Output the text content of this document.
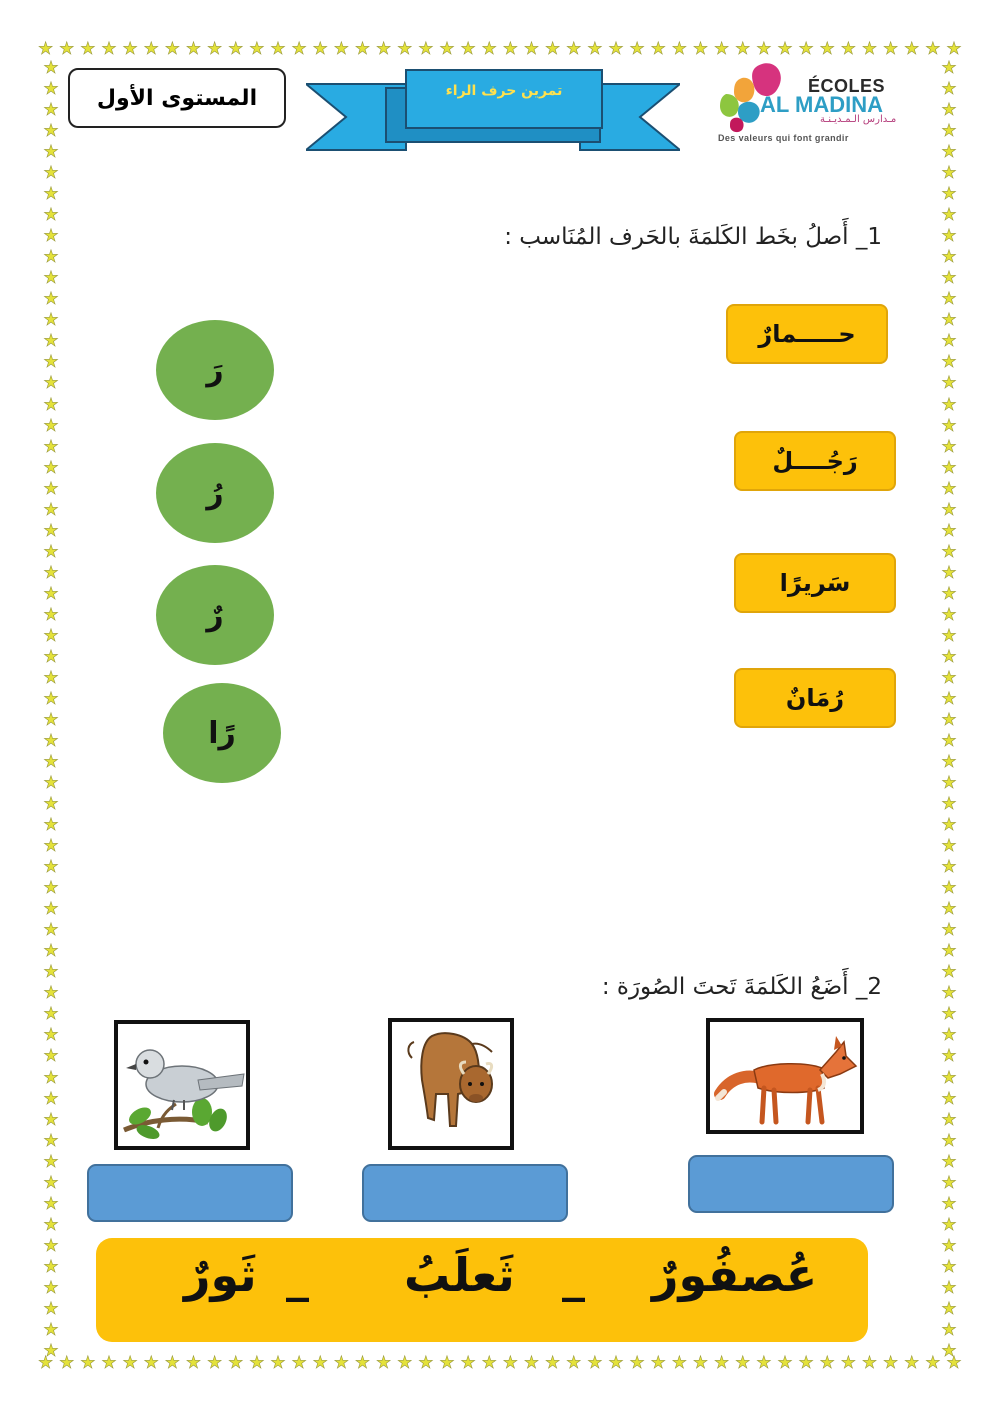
★ ★ ★ ★ ★ ★ ★ ★ ★ ★ ★ ★ ★ ★ ★ ★ ★ ★ ★ ★ ★ ★ ★ ★ ★ ★ ★ ★ ★ ★ ★ ★ ★ ★ ★ ★ ★ ★ ★ ★ ★ ★ ★ ★
★ ★ ★ ★ ★ ★ ★ ★ ★ ★ ★ ★ ★ ★ ★ ★ ★ ★ ★ ★ ★ ★ ★ ★ ★ ★ ★ ★ ★ ★ ★ ★ ★ ★ ★ ★ ★ ★ ★ ★ ★ ★ ★ ★
★
★
★
★
★
★
★
★
★
★
★
★
★
★
★
★
★
★
★
★
★
★
★
★
★
★
★
★
★
★
★
★
★
★
★
★
★
★
★
★
★
★
★
★
★
★
★
★
★
★
★
★
★
★
★
★
★
★
★
★
★
★
★
★
★
★
★
★
★
★
★
★
★
★
★
★
★
★
★
★
★
★
★
★
★
★
★
★
★
★
★
★
★
★
★
★
★
★
★
★
★
★
★
★
★
★
★
★
★
★
★
★
★
★
★
★
★
★
★
★
★
★
★
★
المستوى الأول	تمرين حرف الراء	ÉCOLES
AL MADINA
مـدارس الـمـديـنـة
Des valeurs qui font grandir
1_ أَصلُ بخَط الكَلمَةَ بالحَرف المُنَاسب :
حـــــمارٌ
رَجُــــلٌ
سَريرًا
رُمَانٌ
رَ
رُ
رٌ
رًا
2_ أَضَعُ الكَلمَةَ تَحتَ الصُورَة :
عُصفُورٌ
_
ثَعلَبُ
_
ثَورٌ
